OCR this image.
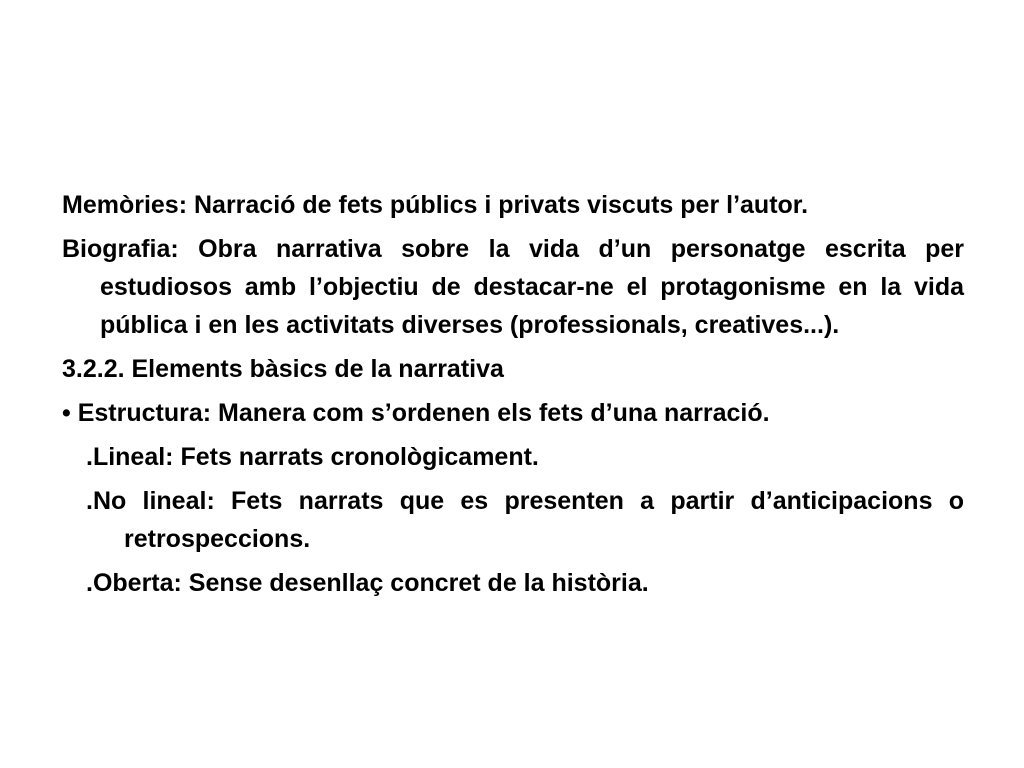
Memòries: Narració de fets públics i privats viscuts per l’autor.

Biografia: Obra narrativa sobre la vida d’un personatge escrita per estudiosos amb l’objectiu de destacar-ne el protagonisme en la vida pública i en les activitats diverses (professionals, creatives...).

3.2.2. Elements bàsics de la narrativa

• Estructura: Manera com s’ordenen els fets d’una narració.

.Lineal: Fets narrats cronològicament.

.No lineal: Fets narrats que es presenten a partir d’anticipacions o retrospeccions.

.Oberta: Sense desenllaç concret de la història.
